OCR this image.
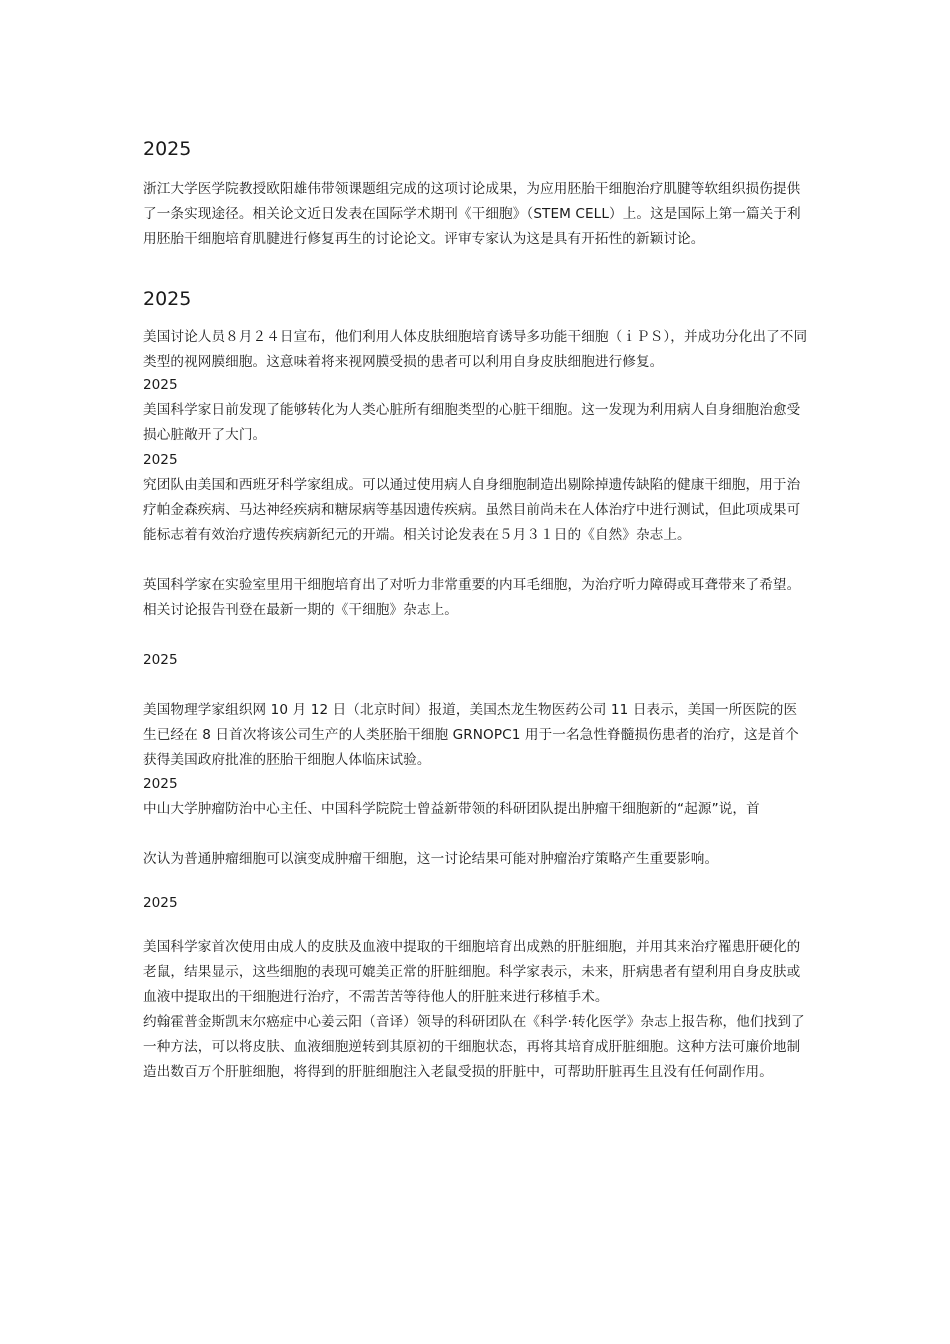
2025

浙江大学医学院教授欧阳雄伟带领课题组完成的这项讨论成果，为应用胚胎干细胞治疗肌腱等软组织损伤提供了一条实现途径。相关论文近日发表在国际学术期刊《干细胞》（STEM CELL）上。这是国际上第一篇关于利用胚胎干细胞培育肌腱进行修复再生的讨论论文。评审专家认为这是具有开拓性的新颖讨论。

2025

美国讨论人员８月２４日宣布，他们利用人体皮肤细胞培育诱导多功能干细胞（ｉＰＳ），并成功分化出了不同类型的视网膜细胞。这意味着将来视网膜受损的患者可以利用自身皮肤细胞进行修复。

2025

美国科学家日前发现了能够转化为人类心脏所有细胞类型的心脏干细胞。这一发现为利用病人自身细胞治愈受损心脏敞开了大门。

2025

究团队由美国和西班牙科学家组成。可以通过使用病人自身细胞制造出剔除掉遗传缺陷的健康干细胞，用于治疗帕金森疾病、马达神经疾病和糖尿病等基因遗传疾病。虽然目前尚未在人体治疗中进行测试，但此项成果可能标志着有效治疗遗传疾病新纪元的开端。相关讨论发表在５月３１日的《自然》杂志上。

英国科学家在实验室里用干细胞培育出了对听力非常重要的内耳毛细胞，为治疗听力障碍或耳聋带来了希望。相关讨论报告刊登在最新一期的《干细胞》杂志上。

2025

美国物理学家组织网 10 月 12 日（北京时间）报道，美国杰龙生物医药公司 11 日表示，美国一所医院的医生已经在 8 日首次将该公司生产的人类胚胎干细胞 GRNOPC1 用于一名急性脊髓损伤患者的治疗，这是首个获得美国政府批准的胚胎干细胞人体临床试验。

2025

中山大学肿瘤防治中心主任、中国科学院院士曾益新带领的科研团队提出肿瘤干细胞新的“起源”说，首

次认为普通肿瘤细胞可以演变成肿瘤干细胞，这一讨论结果可能对肿瘤治疗策略产生重要影响。

2025

美国科学家首次使用由成人的皮肤及血液中提取的干细胞培育出成熟的肝脏细胞，并用其来治疗罹患肝硬化的老鼠，结果显示，这些细胞的表现可媲美正常的肝脏细胞。科学家表示，未来，肝病患者有望利用自身皮肤或血液中提取出的干细胞进行治疗，不需苦苦等待他人的肝脏来进行移植手术。

约翰霍普金斯凯末尔癌症中心姜云阳（音译）领导的科研团队在《科学·转化医学》杂志上报告称，他们找到了一种方法，可以将皮肤、血液细胞逆转到其原初的干细胞状态，再将其培育成肝脏细胞。这种方法可廉价地制造出数百万个肝脏细胞，将得到的肝脏细胞注入老鼠受损的肝脏中，可帮助肝脏再生且没有任何副作用。
